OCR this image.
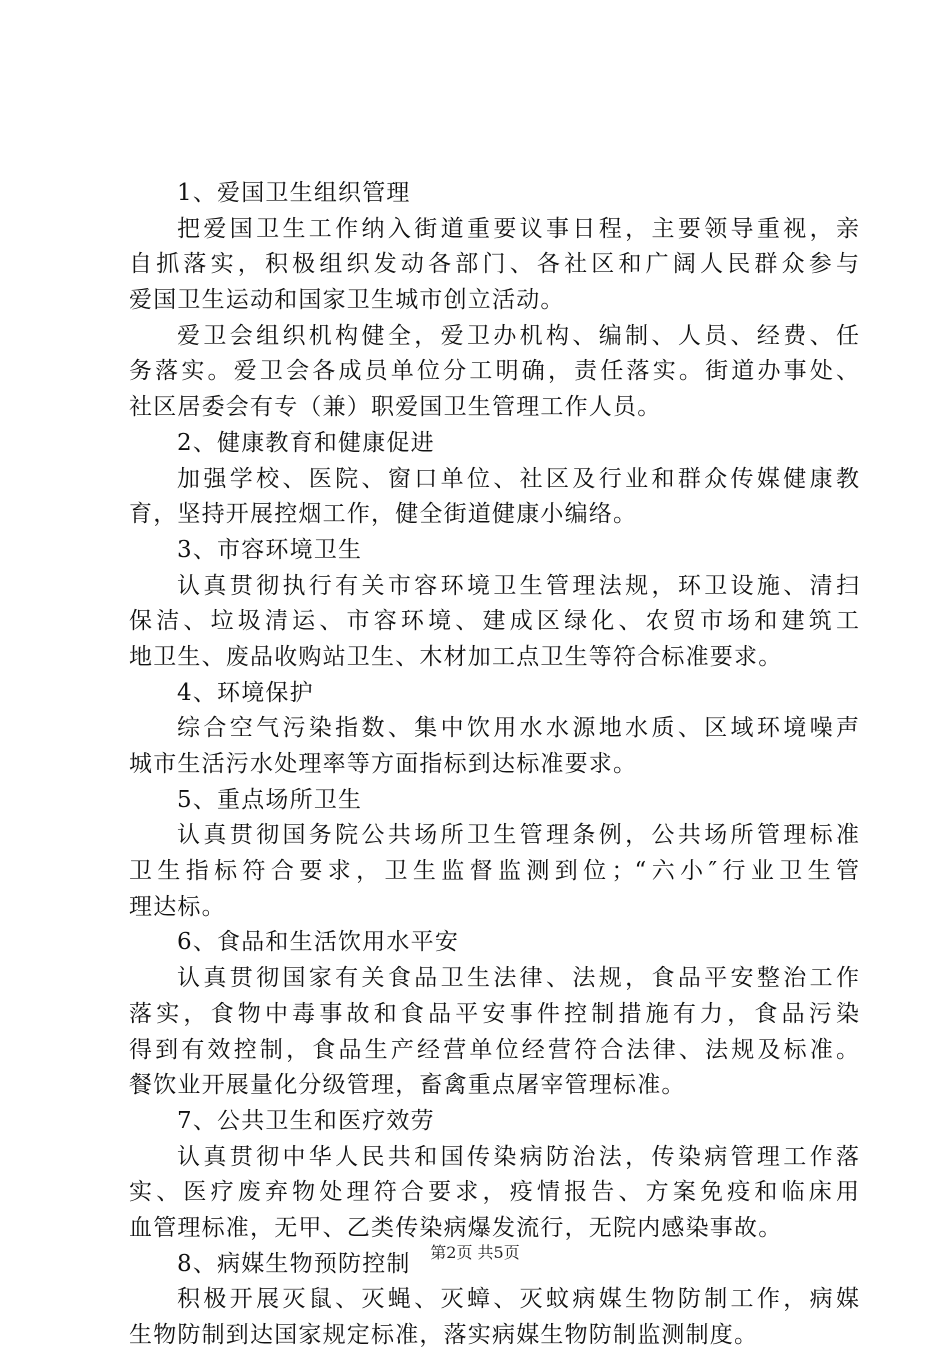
1、爱国卫生组织管理
把爱国卫生工作纳入街道重要议事日程，主要领导重视，亲
自抓落实，积极组织发动各部门、各社区和广阔人民群众参与
爱国卫生运动和国家卫生城市创立活动。
爱卫会组织机构健全，爱卫办机构、编制、人员、经费、任
务落实。爱卫会各成员单位分工明确，责任落实。街道办事处、
社区居委会有专（兼）职爱国卫生管理工作人员。
2、健康教育和健康促进
加强学校、医院、窗口单位、社区及行业和群众传媒健康教
育，坚持开展控烟工作，健全街道健康小编络。
3、市容环境卫生
认真贯彻执行有关市容环境卫生管理法规，环卫设施、清扫
保洁、垃圾清运、市容环境、建成区绿化、农贸市场和建筑工
地卫生、废品收购站卫生、木材加工点卫生等符合标准要求。
4、环境保护
综合空气污染指数、集中饮用水水源地水质、区域环境噪声
城市生活污水处理率等方面指标到达标准要求。
5、重点场所卫生
认真贯彻国务院公共场所卫生管理条例，公共场所管理标准
卫生指标符合要求，卫生监督监测到位；“六小″行业卫生管
理达标。
6、食品和生活饮用水平安
认真贯彻国家有关食品卫生法律、法规，食品平安整治工作
落实，食物中毒事故和食品平安事件控制措施有力，食品污染
得到有效控制，食品生产经营单位经营符合法律、法规及标准。
餐饮业开展量化分级管理，畜禽重点屠宰管理标准。
7、公共卫生和医疗效劳
认真贯彻中华人民共和国传染病防治法，传染病管理工作落
实、医疗废弃物处理符合要求，疫情报告、方案免疫和临床用
血管理标准，无甲、乙类传染病爆发流行，无院内感染事故。
8、病媒生物预防控制
积极开展灭鼠、灭蝇、灭蟑、灭蚊病媒生物防制工作，病媒
生物防制到达国家规定标准，落实病媒生物防制监测制度。
第2页 共5页
